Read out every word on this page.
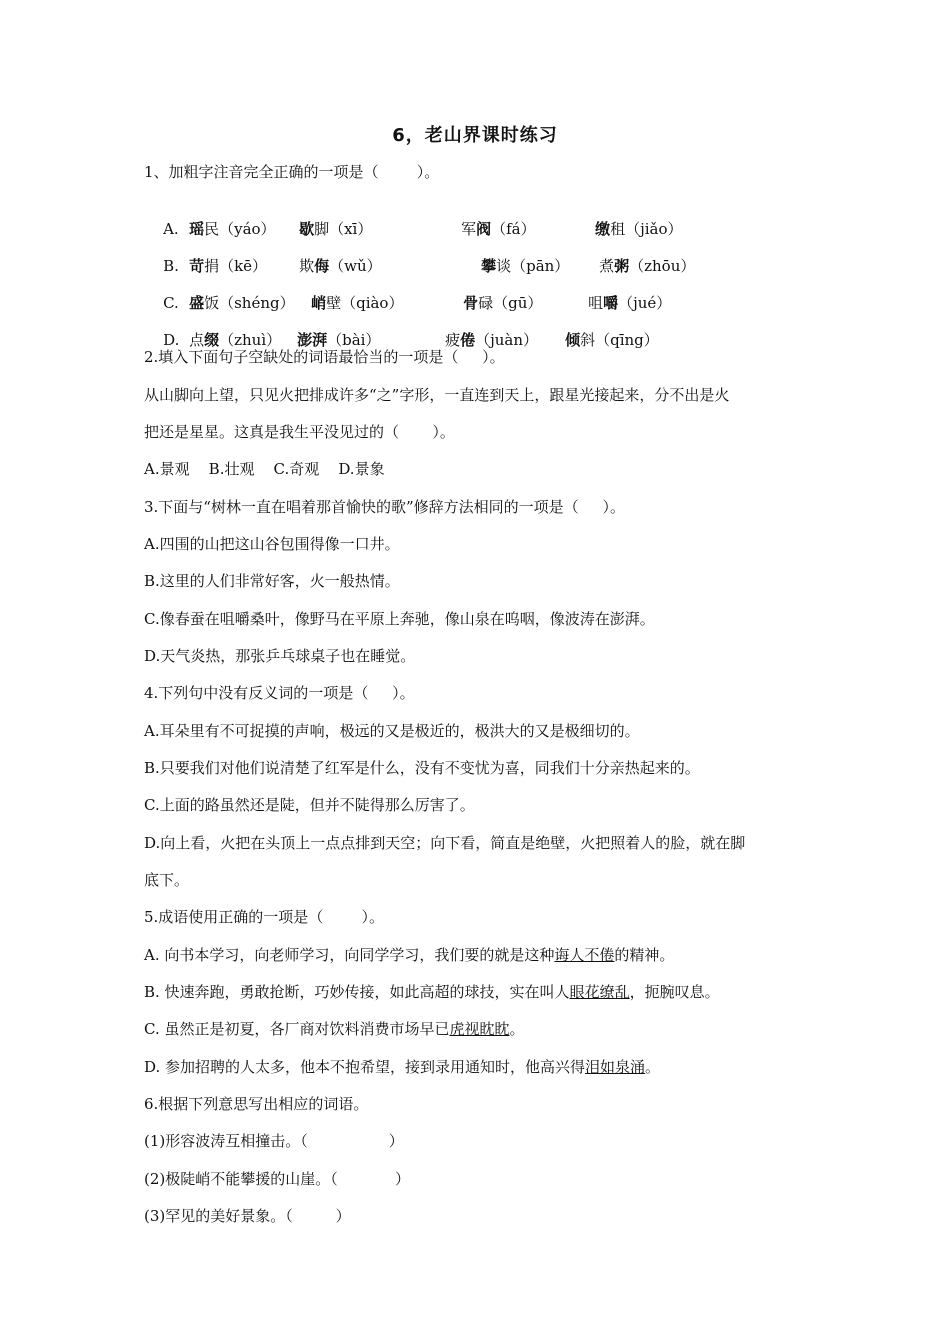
6，老山界课时练习
1、加粗字注音完全正确的一项是（        ）。

A. 瑶民（yáo） 歇脚（xī）	军阀（fá）	缴租（jiǎo）

B. 苛捐（kē） 欺侮（wǔ）	攀谈（pān） 煮粥（zhōu）

C. 盛饭（shéng） 峭壁（qiào）	骨碌（gū）	咀嚼（jué）

D. 点缀（zhuì） 澎湃（bài）	疲倦（juàn） 倾斜（qīng）

2.填入下面句子空缺处的词语最恰当的一项是（     ）。
从山脚向上望，只见火把排成许多“之”字形，一直连到天上，跟星光接起来，分不出是火
把还是星星。这真是我生平没见过的（       ）。
A.景观    B.壮观    C.奇观    D.景象
3.下面与“树林一直在唱着那首愉快的歌”修辞方法相同的一项是（     ）。
A.四围的山把这山谷包围得像一口井。
B.这里的人们非常好客，火一般热情。
C.像春蚕在咀嚼桑叶，像野马在平原上奔驰，像山泉在呜咽，像波涛在澎湃。
D.天气炎热，那张乒乓球桌子也在睡觉。
4.下列句中没有反义词的一项是（     ）。
A.耳朵里有不可捉摸的声响，极远的又是极近的，极洪大的又是极细切的。
B.只要我们对他们说清楚了红军是什么，没有不变忧为喜，同我们十分亲热起来的。
C.上面的路虽然还是陡，但并不陡得那么厉害了。
D.向上看，火把在头顶上一点点排到天空；向下看，简直是绝壁，火把照着人的脸，就在脚
底下。
5.成语使用正确的一项是（        ）。
A. 向书本学习，向老师学习，向同学学习，我们要的就是这种诲人不倦的精神。
B. 快速奔跑，勇敢抢断，巧妙传接，如此高超的球技，实在叫人眼花缭乱，扼腕叹息。
C. 虽然正是初夏，各厂商对饮料消费市场早已虎视眈眈。
D. 参加招聘的人太多，他本不抱希望，接到录用通知时，他高兴得泪如泉涌。
6.根据下列意思写出相应的词语。
(1)形容波涛互相撞击。（                 ）
(2)极陡峭不能攀援的山崖。（            ）
(3)罕见的美好景象。（         ）
